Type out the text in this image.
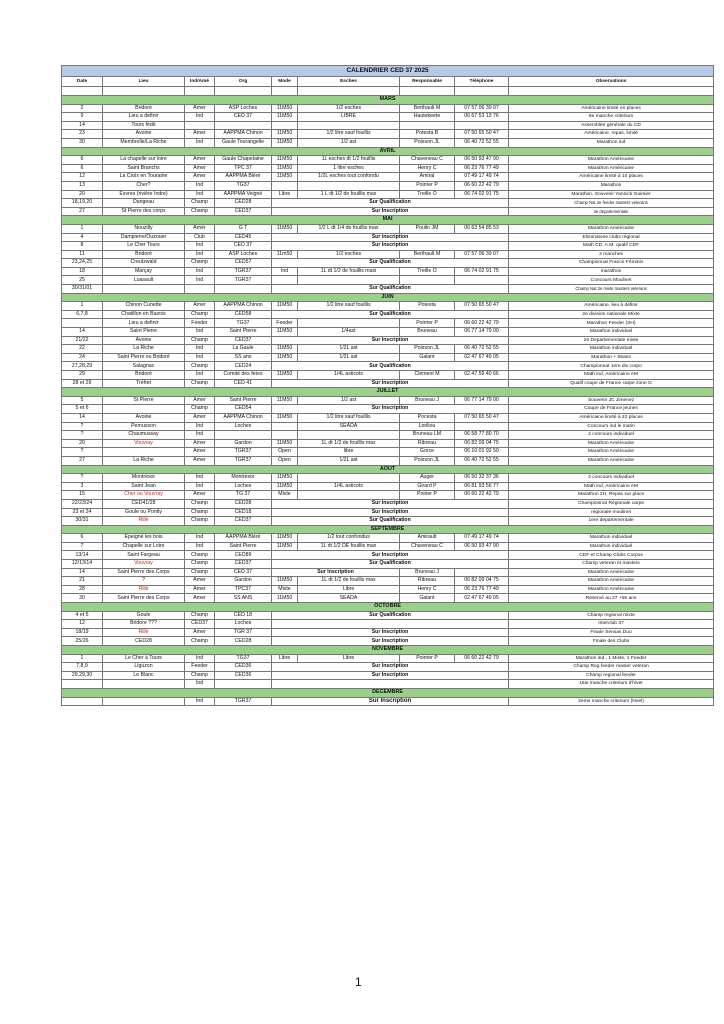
CALENDRIER CED 37 2025								
Date	Lieu	Ind/Amé	Org	Mode	Esches	Responsable	Téléphone	Observations

MARS								
2	Bridoré	Amer	ASP Loches	11M50	1/2 esches	Berthault M	07 57 06 39 07	Américaine limité en places
9	Lieu a definir	Ind	CED 37	11M50	LIBRE	Hautekeete	06 67 53 13 76	6e manche criterium
14	Tours fédé							Assemblée générale du CD
23	Avoine	Amer	AAPPMA Chinon	11M50	1/2 litre sauf fouillis	Potesta B	07 50 65 50 47	Américaine, repas, limité
30	Membrolle/La Riche	Ind	Gaule Tourangelle	11M50	1/2 ast	Poisson JL	06 40 72 52 55	Marathon ind
AVRIL								
6	La chapelle sur loire	Amer	Gaule Chapelaine	11M50	1L esches dt 1/2 fouillis	Chaveneau C	06 50 93 47 90	Marathon Américaine
6	Saint Branchs	Amer	TPC 37	11M50	1 litre esches	Henry C	06 23 76 77 49	Marathon Américaine
12	La Croix en Touraine	Amer	AAPPMA Bléré	11M50	1/2L esches tout confondu	Amiral	07 49 17 49 74	Américaine limité à 10 places
13	Cher?	Ind	TG37			Poirrier P	06 60 22 42 79	Marathon
20	Esvres (rivière Indre)	Ind	AAPPMA Veigné	Libre	1 L dt 1/2 de fouillis max	Treille O	06 74 02 91 75	Marathon, Souvenir Yannick Guimier
18,19,20	Dangeau	Champ	CED28	Sur Qualification				Champ Nat 2e feeder masters veterans
27	St Pierre des corps	Champ	CED37	Sur Inscription				3e departementale
MAI								
1	Nouzilly	Amér	G T	11M50	1/2 L dt 1/4 de fouillis max	Poulin JM	06 63 54 85 53	Marathon Américaine
4	Dampierre/Ouzouer	Club	CED45	Sur inscription				Eliminatoire clubs régional
8	Le Cher Tours	Ind	CED 37	Sur Inscription				Math CD, A.M. qualif CDF
11	Bridoré	Ind	ASP Loches	11m50	1/2 esches	Berthault M	07 57 06 39 07	2 manches
23,24,25	Creutzwald	Champ	CED57	Sur Qualification				Championnat France Féminin
18	Marçay	Ind	TGR37	Ind	1L dt 1/2 de fouillis maxi	Treille O	06 74 02 91 75	marathon
25	Luasault	Ind	TGR37					Concours Moulinet
30/31/01				Sur Qualification				Champ Nat 2e mixte masters veterans
JUIN								
1	Chinon Cunette	Amer	AAPPMA Chinon	11M50	1/2 litre sauf fouillis	Potesta	07 50 65 50 47	Américaine, lieu à définir
6,7,8	Chatillon en Bazois	Champ	CED58	Sur Qualification				2e division nationale Mixte
	Lieu a definir	Feeder	TG37	Feeder		Poirrier P	06 60 22 42 79	Marathon Feeder (SH)
14	Saint Pierre	Ind	Saint Pierre	11M50	1/4ast	Bruneau	06 77 14 79 00	Marathon individuel
21/22	Avoine	Champ	CED37	Sur Inscription				2e Departementale mixte
22	La Riche	Ind	La Gaule	11M50	1/2L ast	Poisson JL	06 40 72 52 55	Marathon individuel
24	Saint Pierre ou Bridoré	Ind	SS ans	11M50	1/2L ast	Galant	02 47 67 49 05	Marathon + 55ans
27,28,29	Salagnac	Champ	CED24	Sur Qualification				Championnat 1ere div corpo
29	Bridoré	Ind	Comité des fetes	11M50	1/4L asticots	Clément M	02 47 59 40 66	Math ind, Américaine AM
28 et 29	Tréhet	Champ	CED 41	Sur Inscription				Qualif coupe de France carpe zone G
JUILLET								
5	St Pierre	Amer	Saint Pierre	11M50	1/2 ast	Bruneau J	06 77 14 79 00	Souvenir JC Jimenez
5 et 6		Champ	CED54	Sur Inscription				Coupe de France jeunes
14	Avoine	Amer	AAPPMA Chinon	11M50	1/2 litre sauf fouillis	Pocesta	07 50 65 50 47	Américaine limité à 22 places
?	Pernusson	Ind	Loches		SEADA	Loriliou		Concours ind le matin
?	Chaumussay	Ind				Bruneau LM	06 58 77 80 70	2 concours individuel
20	Vouvray	Amer	Gardon	11M50	1L dt 1/2 de fouillis max	Ribreau	06 82 09 04 75	Marathon Américaine
?		Amer	TGR37	Open	libre	Gorce	06 10 01 92 50	Marathon Américaine
27	La Riche	Amer	TGR37	Open	1/2L ast	Poisson JL	06 40 72 52 55	Marathon Américaine
AOUT								
?	Montrésor	Ind	Montresor	11M50		Auger	06 50 32 37 36	2 concours individuel
3	Saint Jean	Ind	Loches	11M50	1/4L asticots	Girard P	06 81 93 56 77	Math ind, Américaine AM
15	Cher ou Vouvray	Amer	TG 37	Mixte		Poirier P	06 60 22 42 79	Marathon 2H, Repas sur place
22/23/24	CED41/28	Champ	CED28	Sur Inscription				Championnat Régionale carpe
23 et 24	Goule ou Pontly	Champ	CED18	Sur Inscription				regionale moulinet
30/31	Rillé	Champ	CED37	Sur Qualification				1ere departementale
SEPTEMBRE								
6	Epeigné les bois	Ind	AAPPMA Bléré	11M50	1/2 tout confondus	Amirault	07 49 17 49 74	Marathon individuel
7	Chapelle sur Loire	Ind	Saint Pierre	11M50	1L dt 1/2 DE fouillis max	Chaveneau C	06 50 93 47 90	Marathon individuel
13/14	Saint Fargeau	Champ	CED89	Sur Inscription				CDF et Champ Clubs Corpos
12/13/14	Vouvray	Champ	CED37	Sur Qualification				Champ veteran et masters
14	Saint Pierre des Corps	Champ	CED 37	Sur Inscription		Bruneau J		Marathon Américaine
21	?	Amer	Gardon	11M50	1L dt 1/2 de fouillis max	Ribreau	06 82 09 04 75	Marathon Américaine
28	Rillé	Amer	TPC37	Mixte	Libre	Henry C	06 23 76 77 49	Marathon Américaine
30	Saint Pierre des Corps	Amer	SS ANS	11M50	SEADA	Galant	02 47 67 49 05	Réservé au 37 +55 ans
OCTOBRE								
4 et 5	Goule	Champ	CED 18	Sur Qualification				Champ regional mixte
12	Bridore ???	CED37	Loches					Interclub 37
18/19	Rillé	Amer	TGR 37	Sur Inscription				Finale Sensas Duo
25/26	CED28	Champ	CED28	Sur Inscription				Finale des Clubs
NOVEMBRE								
1	Le Cher à Tours	Ind	TG37	Libre	Libre	Poirrier P	06 60 22 42 79	Marathon ind., 1 Mixte, 1 Feeder
7,8,9	Liguzon	Feeder	CED36	Sur Inscription				Champ Reg feeder master veteran
29,29,30	Le Blanc	Champ	CED36	Sur Inscription				Champ regional feeder
		Ind						16ie manche criterium d'hiver
DECEMBRE								
		Ind	TGR37	Sur Inscription				2eme manche criterium (Noel)
1
